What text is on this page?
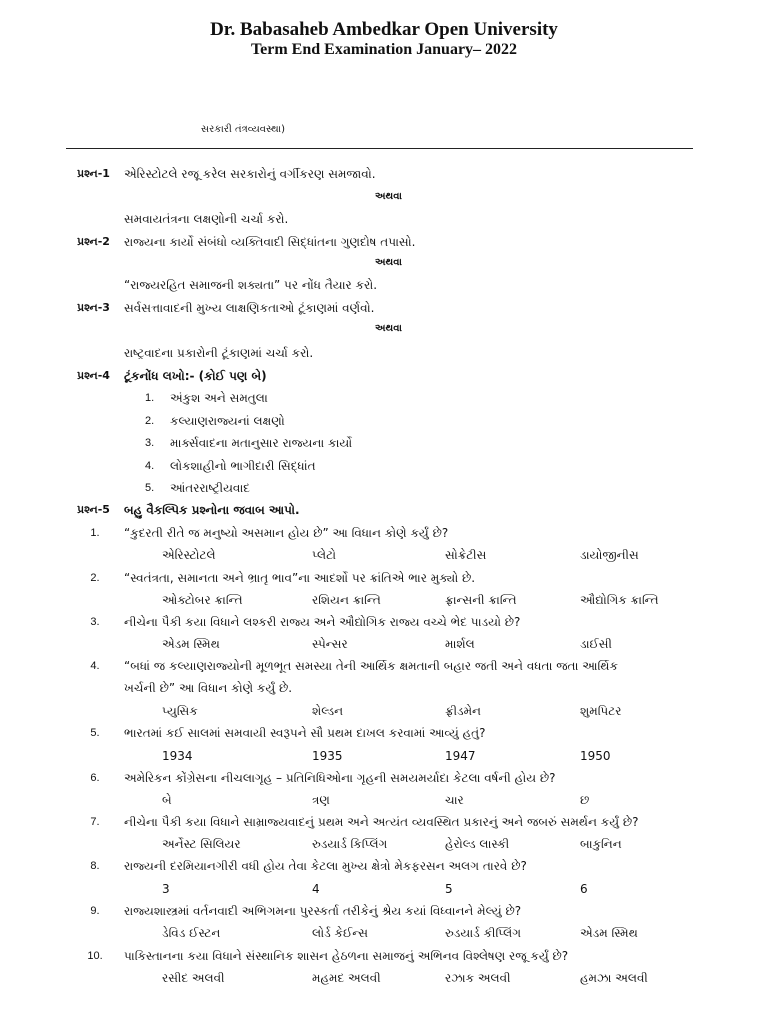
Dr. Babasaheb Ambedkar Open University
Term End Examination January– 2022
સરકારી તંત્રવ્યવસ્થા)
પ્રશ્ન-1 એરિસ્ટોટલે રજૂ કરેલ સરકારોનું વર્ગીકરણ સમજાવો.
અથવા
સમવાયતંત્રના લક્ષણોની ચર્ચા કરો.
પ્રશ્ન-2 રાજ્યના કાર્યો સંબંધો વ્યક્તિવાદી સિદ્ધાંતના ગુણદોષ તપાસો.
અથવા
“રાજ્યરહિત સમાજની શક્યતા” પર નોંધ તૈયાર કરો.
પ્રશ્ન-3 સર્વસત્તાવાદની મુખ્ય લાક્ષણિકતાઓ ટૂંકાણમાં વર્ણવો.
અથવા
રાષ્ટ્રવાદના પ્રકારોની ટૂંકાણમાં ચર્ચા કરો.
પ્રશ્ન-4 ટૂંકનોંધ લખો:- (કોઈ પણ બે)
1. અંકુશ અને સમતુલા
2. કલ્યાણરાજ્યનાં લક્ષણો
3. માર્ક્સવાદના મતાનુસાર રાજ્યના કાર્યો
4. લોકશાહીનો ભાગીદારી સિદ્ધાંત
5. આંતરરાષ્ટ્રીયવાદ
પ્રશ્ન-5 બહુ વૈકલ્પિક પ્રશ્નોના જવાબ આપો.
1.	“કુદરતી રીતે જ મનુષ્યો અસમાન હોય છે” આ વિધાન કોણે કર્યું છે?
એરિસ્ટોટલે	પ્લેટો	સોક્રેટીસ	ડાયોજીનીસ
2.	“સ્વતંત્રતા, સમાનતા અને ભ્રાતૃ ભાવ”ના આદર્શો પર ક્રાંતિએ ભાર મુક્યો છે.
ઓક્ટોબર ક્રાન્તિ	રશિયન ક્રાન્તિ	ફ્રાન્સની ક્રાન્તિ	ઔદ્યોગિક ક્રાન્તિ
3.	નીચેના પૈકી કયા વિધાને લશ્કરી રાજ્ય અને ઔદ્યોગિક રાજ્ય વચ્ચે ભેદ પાડયો છે?
એડમ સ્મિથ	સ્પેન્સર	માર્શલ	ડાઈસી
4.	“બધાં જ કલ્યાણરાજ્યોની મૂળભૂત સમસ્યા તેની આર્થિક ક્ષમતાની બહાર જતી અને વધતા જતા આર્થિક
ખર્ચની છે” આ વિધાન કોણે કર્યું છે.
પ્યુસિક	શેલ્ડન	ફ્રીડમેન	શુમપિટર
5.	ભારતમાં કઈ સાલમાં સમવાયી સ્વરૂપને સૌ પ્રથમ દાખલ કરવામાં આવ્યું હતું?
1934	1935	1947	1950
6.	અમેરિકન કોંગ્રેસના નીચલાગૃહ – પ્રતિનિધિઓના ગૃહની સમયમર્યાદા કેટલા વર્ષની હોય છે?
બે	ત્રણ	ચાર	છ
7.	નીચેના પૈકી કયા વિધાને સામ્રાજ્યવાદનું પ્રથમ અને અત્યંત વ્યવસ્થિત પ્રકારનું અને જબરું સમર્થન કર્યું છે?
અર્નેસ્ટ સિલિયર	રુડયાર્ડ કિપ્લિંગ	હેરોલ્ડ લાસ્કી	બાકુનિન
8.	રાજ્યની દરમિયાનગીરી વધી હોય તેવા કેટલા મુખ્ય ક્ષેત્રો મેકફરસન અલગ તારવે છે?
3	4	5	6
9.	રાજ્યશાસ્ત્રમાં વર્તનવાદી અભિગમના પુરસ્કર્તા તરીકેનું શ્રેય કયાં વિધ્વાનને મેલ્યું છે?
ડેવિડ ઈસ્ટન	લોર્ડ કેઈન્સ	રુડયાર્ડ કીપ્લિંગ	એડમ સ્મિથ
10. પાકિસ્તાનના કયા વિધાને સંસ્થાનિક શાસન હેઠળના સમાજનું અભિનવ વિશ્લેષણ રજૂ કર્યું છે?
રસીદ અલવી	મહમદ અલવી	રઝાક અલવી	હમઝા અલવી
